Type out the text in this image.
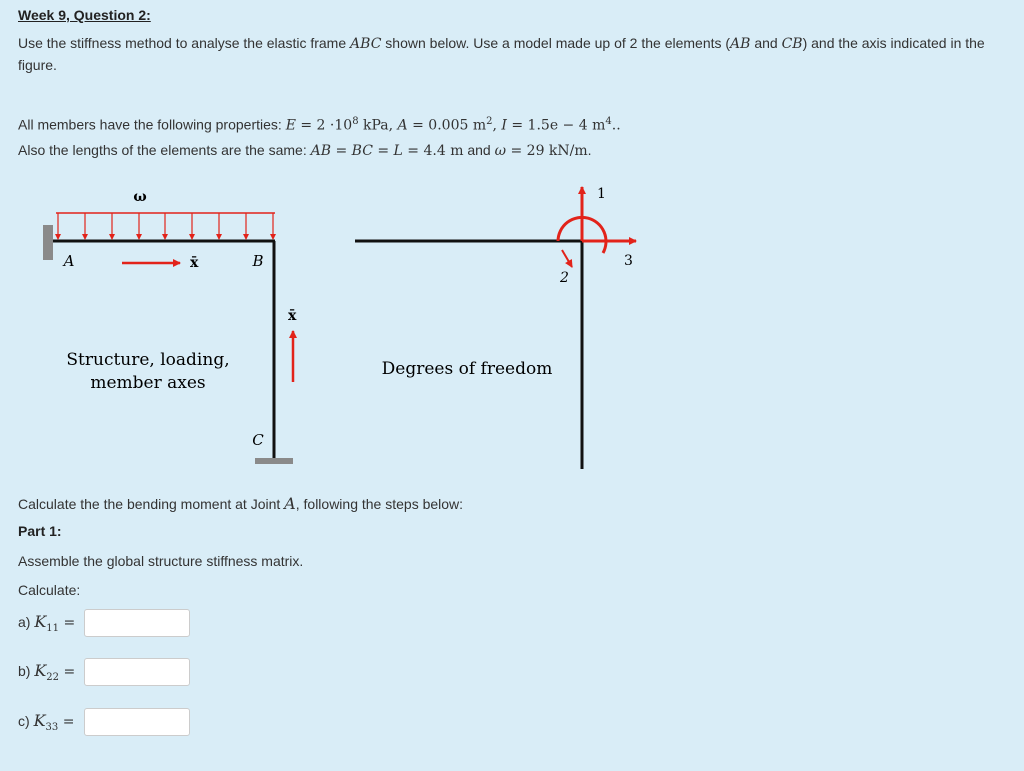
Week 9, Question 2:
Use the stiffness method to analyse the elastic frame ABC shown below. Use a model made up of 2 the elements (AB and CB) and the axis indicated in the figure.
All members have the following properties: $E = 2 \cdot 10^8$ kPa, A = 0.005 $m^2$, I = 1.5e − 4 $m^4$..
Also the lengths of the elements are the same: AB = BC = L = 4.4 m and ω = 29 kN/m.
ω
A	B
C
x̄
x̄
Structure, loading,
member axes
Degrees of freedom
1
3
2
Calculate the the bending moment at Joint A, following the steps below:
Part 1:
Assemble the global structure stiffness matrix.
Calculate:
a) $K_{11}$ =
b) $K_{22}$ =
c) $K_{33}$ =
